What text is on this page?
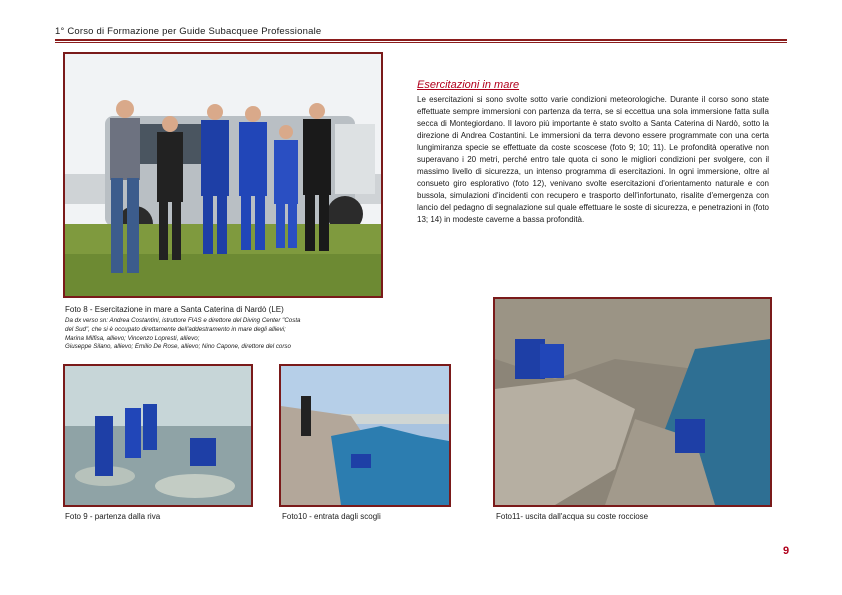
1° Corso di Formazione per Guide Subacquee Professionale
Esercitazioni in mare

Le esercitazioni si sono svolte sotto varie condizioni meteorologiche. Durante il corso sono state effettuate sempre immersioni con partenza da terra, se si eccettua una sola immersione fatta sulla secca di Montegiordano. Il lavoro più importante è stato svolto a Santa Caterina di Nardò, sotto la direzione di Andrea Costantini. Le immersioni da terra devono essere programmate con una certa lungimiranza specie se effettuate da coste scoscese (foto 9; 10; 11). Le profondità operative non superavano i 20 metri, perché entro tale quota ci sono le migliori condizioni per svolgere, con il massimo livello di sicurezza, un intenso programma di esercitazioni. In ogni immersione, oltre al consueto giro esplorativo (foto 12), venivano svolte esercitazioni d'orientamento naturale e con bussola, simulazioni d'incidenti con recupero e trasporto dell'infortunato, risalite d'emergenza con lancio del pedagno di segnalazione sul quale effettuare le soste di sicurezza, e penetrazioni in (foto 13; 14) in modeste caverne a bassa profondità.

Foto 8 - Esercitazione in mare a Santa Caterina di Nardò (LE)
Da dx verso sn: Andrea Costantini, istruttore FIAS e direttore del Diving Center "Costa
del Sud", che si è occupato direttamente dell'addestramento in mare degli allievi;
Marina Milfisa, allievo; Vincenzo Lopresti, allievo;
Giuseppe Silano, allievo; Emilio De Rose, allievo; Nino Capone, direttore del corso
Foto 9 - partenza dalla riva	Foto10 - entrata dagli scogli	Foto11- uscita dall'acqua su coste rocciose
9
